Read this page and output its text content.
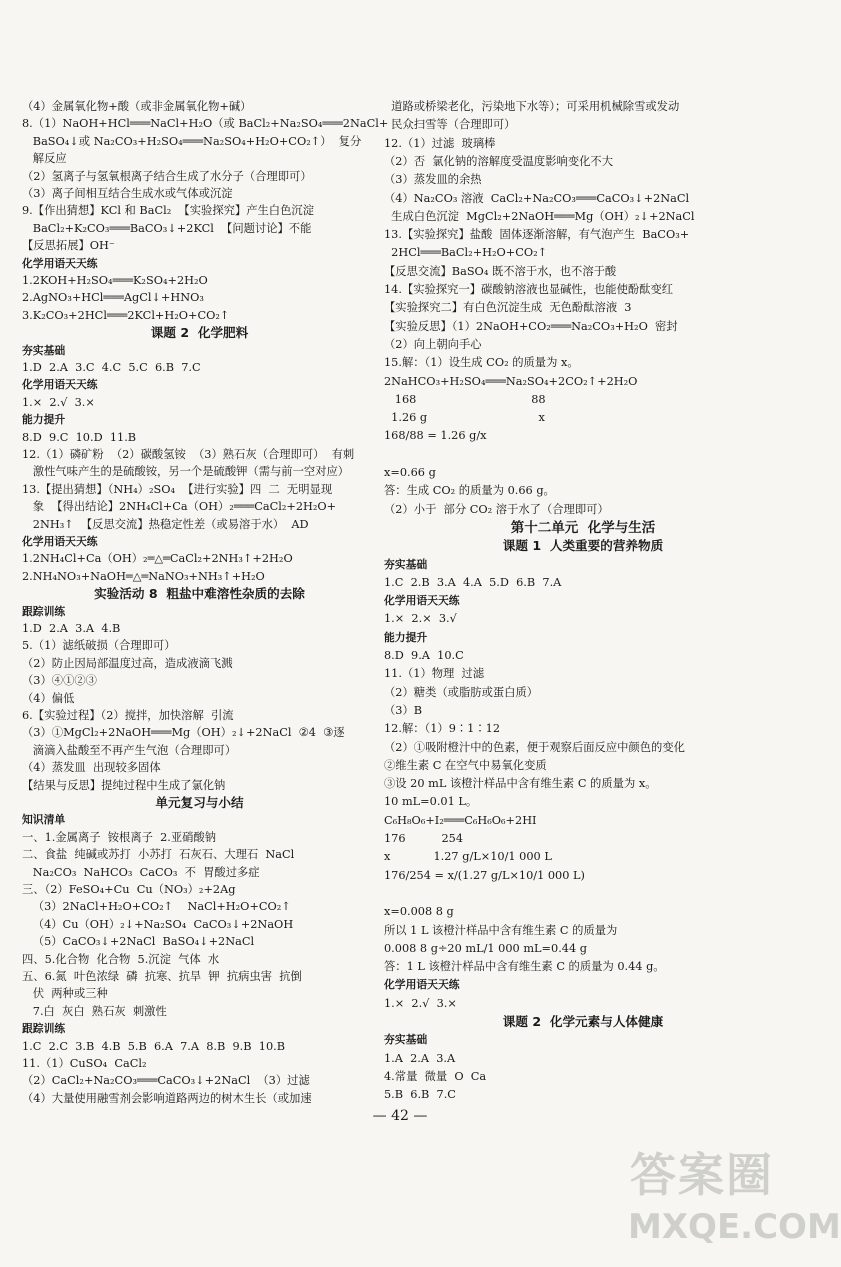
（4）金属氧化物+酸（或非金属氧化物+碱）
8.（1）NaOH+HCl═══NaCl+H₂O（或 BaCl₂+Na₂SO₄═══2NaCl+
BaSO₄↓或 Na₂CO₃+H₂SO₄═══Na₂SO₄+H₂O+CO₂↑）  复分
解反应
（2）氢离子与氢氧根离子结合生成了水分子（合理即可）
（3）离子间相互结合生成水或气体或沉淀
9.【作出猜想】KCl 和 BaCl₂  【实验探究】产生白色沉淀
BaCl₂+K₂CO₃═══BaCO₃↓+2KCl  【问题讨论】不能
【反思拓展】OH⁻
化学用语天天练
1.2KOH+H₂SO₄═══K₂SO₄+2H₂O
2.AgNO₃+HCl═══AgCl↓+HNO₃
3.K₂CO₃+2HCl═══2KCl+H₂O+CO₂↑
课题 2  化学肥料
夯实基础
1.D  2.A  3.C  4.C  5.C  6.B  7.C
化学用语天天练
1.×  2.√  3.×
能力提升
8.D  9.C  10.D  11.B
12.（1）磷矿粉  （2）碳酸氢铵  （3）熟石灰（合理即可）  有刺
激性气味产生的是硫酸铵，另一个是硫酸钾（需与前一空对应）
13.【提出猜想】（NH₄）₂SO₄  【进行实验】四  二  无明显现
象  【得出结论】2NH₄Cl+Ca（OH）₂═══CaCl₂+2H₂O+
2NH₃↑  【反思交流】热稳定性差（或易溶于水）  AD
化学用语天天练
1.2NH₄Cl+Ca（OH）₂═△═CaCl₂+2NH₃↑+2H₂O
2.NH₄NO₃+NaOH═△═NaNO₃+NH₃↑+H₂O
实验活动 8  粗盐中难溶性杂质的去除
跟踪训练
1.D  2.A  3.A  4.B
5.（1）滤纸破损（合理即可）
（2）防止因局部温度过高，造成液滴飞溅
（3）④①②③
（4）偏低
6.【实验过程】（2）搅拌，加快溶解  引流
（3）①MgCl₂+2NaOH═══Mg（OH）₂↓+2NaCl  ②4  ③逐
滴滴入盐酸至不再产生气泡（合理即可）
（4）蒸发皿  出现较多固体
【结果与反思】提纯过程中生成了氯化钠
单元复习与小结
知识清单
一、1.金属离子  铵根离子  2.亚硝酸钠
二、食盐  纯碱或苏打  小苏打  石灰石、大理石  NaCl
Na₂CO₃  NaHCO₃  CaCO₃  不  胃酸过多症
三、（2）FeSO₄+Cu  Cu（NO₃）₂+2Ag
（3）2NaCl+H₂O+CO₂↑    NaCl+H₂O+CO₂↑
（4）Cu（OH）₂↓+Na₂SO₄  CaCO₃↓+2NaOH
（5）CaCO₃↓+2NaCl  BaSO₄↓+2NaCl
四、5.化合物  化合物  5.沉淀  气体  水
五、6.氮  叶色浓绿  磷  抗寒、抗旱  钾  抗病虫害  抗倒
伏  两种或三种
7.白  灰白  熟石灰  刺激性
跟踪训练
1.C  2.C  3.B  4.B  5.B  6.A  7.A  8.B  9.B  10.B
11.（1）CuSO₄  CaCl₂
（2）CaCl₂+Na₂CO₃═══CaCO₃↓+2NaCl  （3）过滤
（4）大量使用融雪剂会影响道路两边的树木生长（或加速
道路或桥梁老化，污染地下水等）；可采用机械除雪或发动
民众扫雪等（合理即可）
12.（1）过滤  玻璃棒
（2）否  氯化钠的溶解度受温度影响变化不大
（3）蒸发皿的余热
（4）Na₂CO₃ 溶液  CaCl₂+Na₂CO₃═══CaCO₃↓+2NaCl
生成白色沉淀  MgCl₂+2NaOH═══Mg（OH）₂↓+2NaCl
13.【实验探究】盐酸  固体逐渐溶解，有气泡产生  BaCO₃+
2HCl═══BaCl₂+H₂O+CO₂↑
【反思交流】BaSO₄ 既不溶于水，也不溶于酸
14.【实验探究一】碳酸钠溶液也显碱性，也能使酚酞变红
【实验探究二】有白色沉淀生成  无色酚酞溶液  3
【实验反思】（1）2NaOH+CO₂═══Na₂CO₃+H₂O  密封
（2）向上朝向手心
15.解：（1）设生成 CO₂ 的质量为 x。
2NaHCO₃+H₂SO₄═══Na₂SO₄+2CO₂↑+2H₂O
168                                88
1.26 g                               x
168/88 = 1.26 g/x
x=0.66 g
答：生成 CO₂ 的质量为 0.66 g。
（2）小于  部分 CO₂ 溶于水了（合理即可）
第十二单元  化学与生活
课题 1  人类重要的营养物质
夯实基础
1.C  2.B  3.A  4.A  5.D  6.B  7.A
化学用语天天练
1.×  2.×  3.√
能力提升
8.D  9.A  10.C
11.（1）物理  过滤
（2）糖类（或脂肪或蛋白质）
（3）B
12.解：（1）9∶1∶12
（2）①吸附橙汁中的色素，便于观察后面反应中颜色的变化
②维生素 C 在空气中易氧化变质
③设 20 mL 该橙汁样品中含有维生素 C 的质量为 x。
10 mL=0.01 L。
C₆H₈O₆+I₂═══C₆H₆O₆+2HI
176          254
x            1.27 g/L×10/1 000 L
176/254 = x/(1.27 g/L×10/1 000 L)
x=0.008 8 g
所以 1 L 该橙汁样品中含有维生素 C 的质量为
0.008 8 g÷20 mL/1 000 mL=0.44 g
答：1 L 该橙汁样品中含有维生素 C 的质量为 0.44 g。
化学用语天天练
1.×  2.√  3.×
课题 2  化学元素与人体健康
夯实基础
1.A  2.A  3.A
4.常量  微量  O  Ca
5.B  6.B  7.C
— 42 —
答案圈
MXQE.COM
